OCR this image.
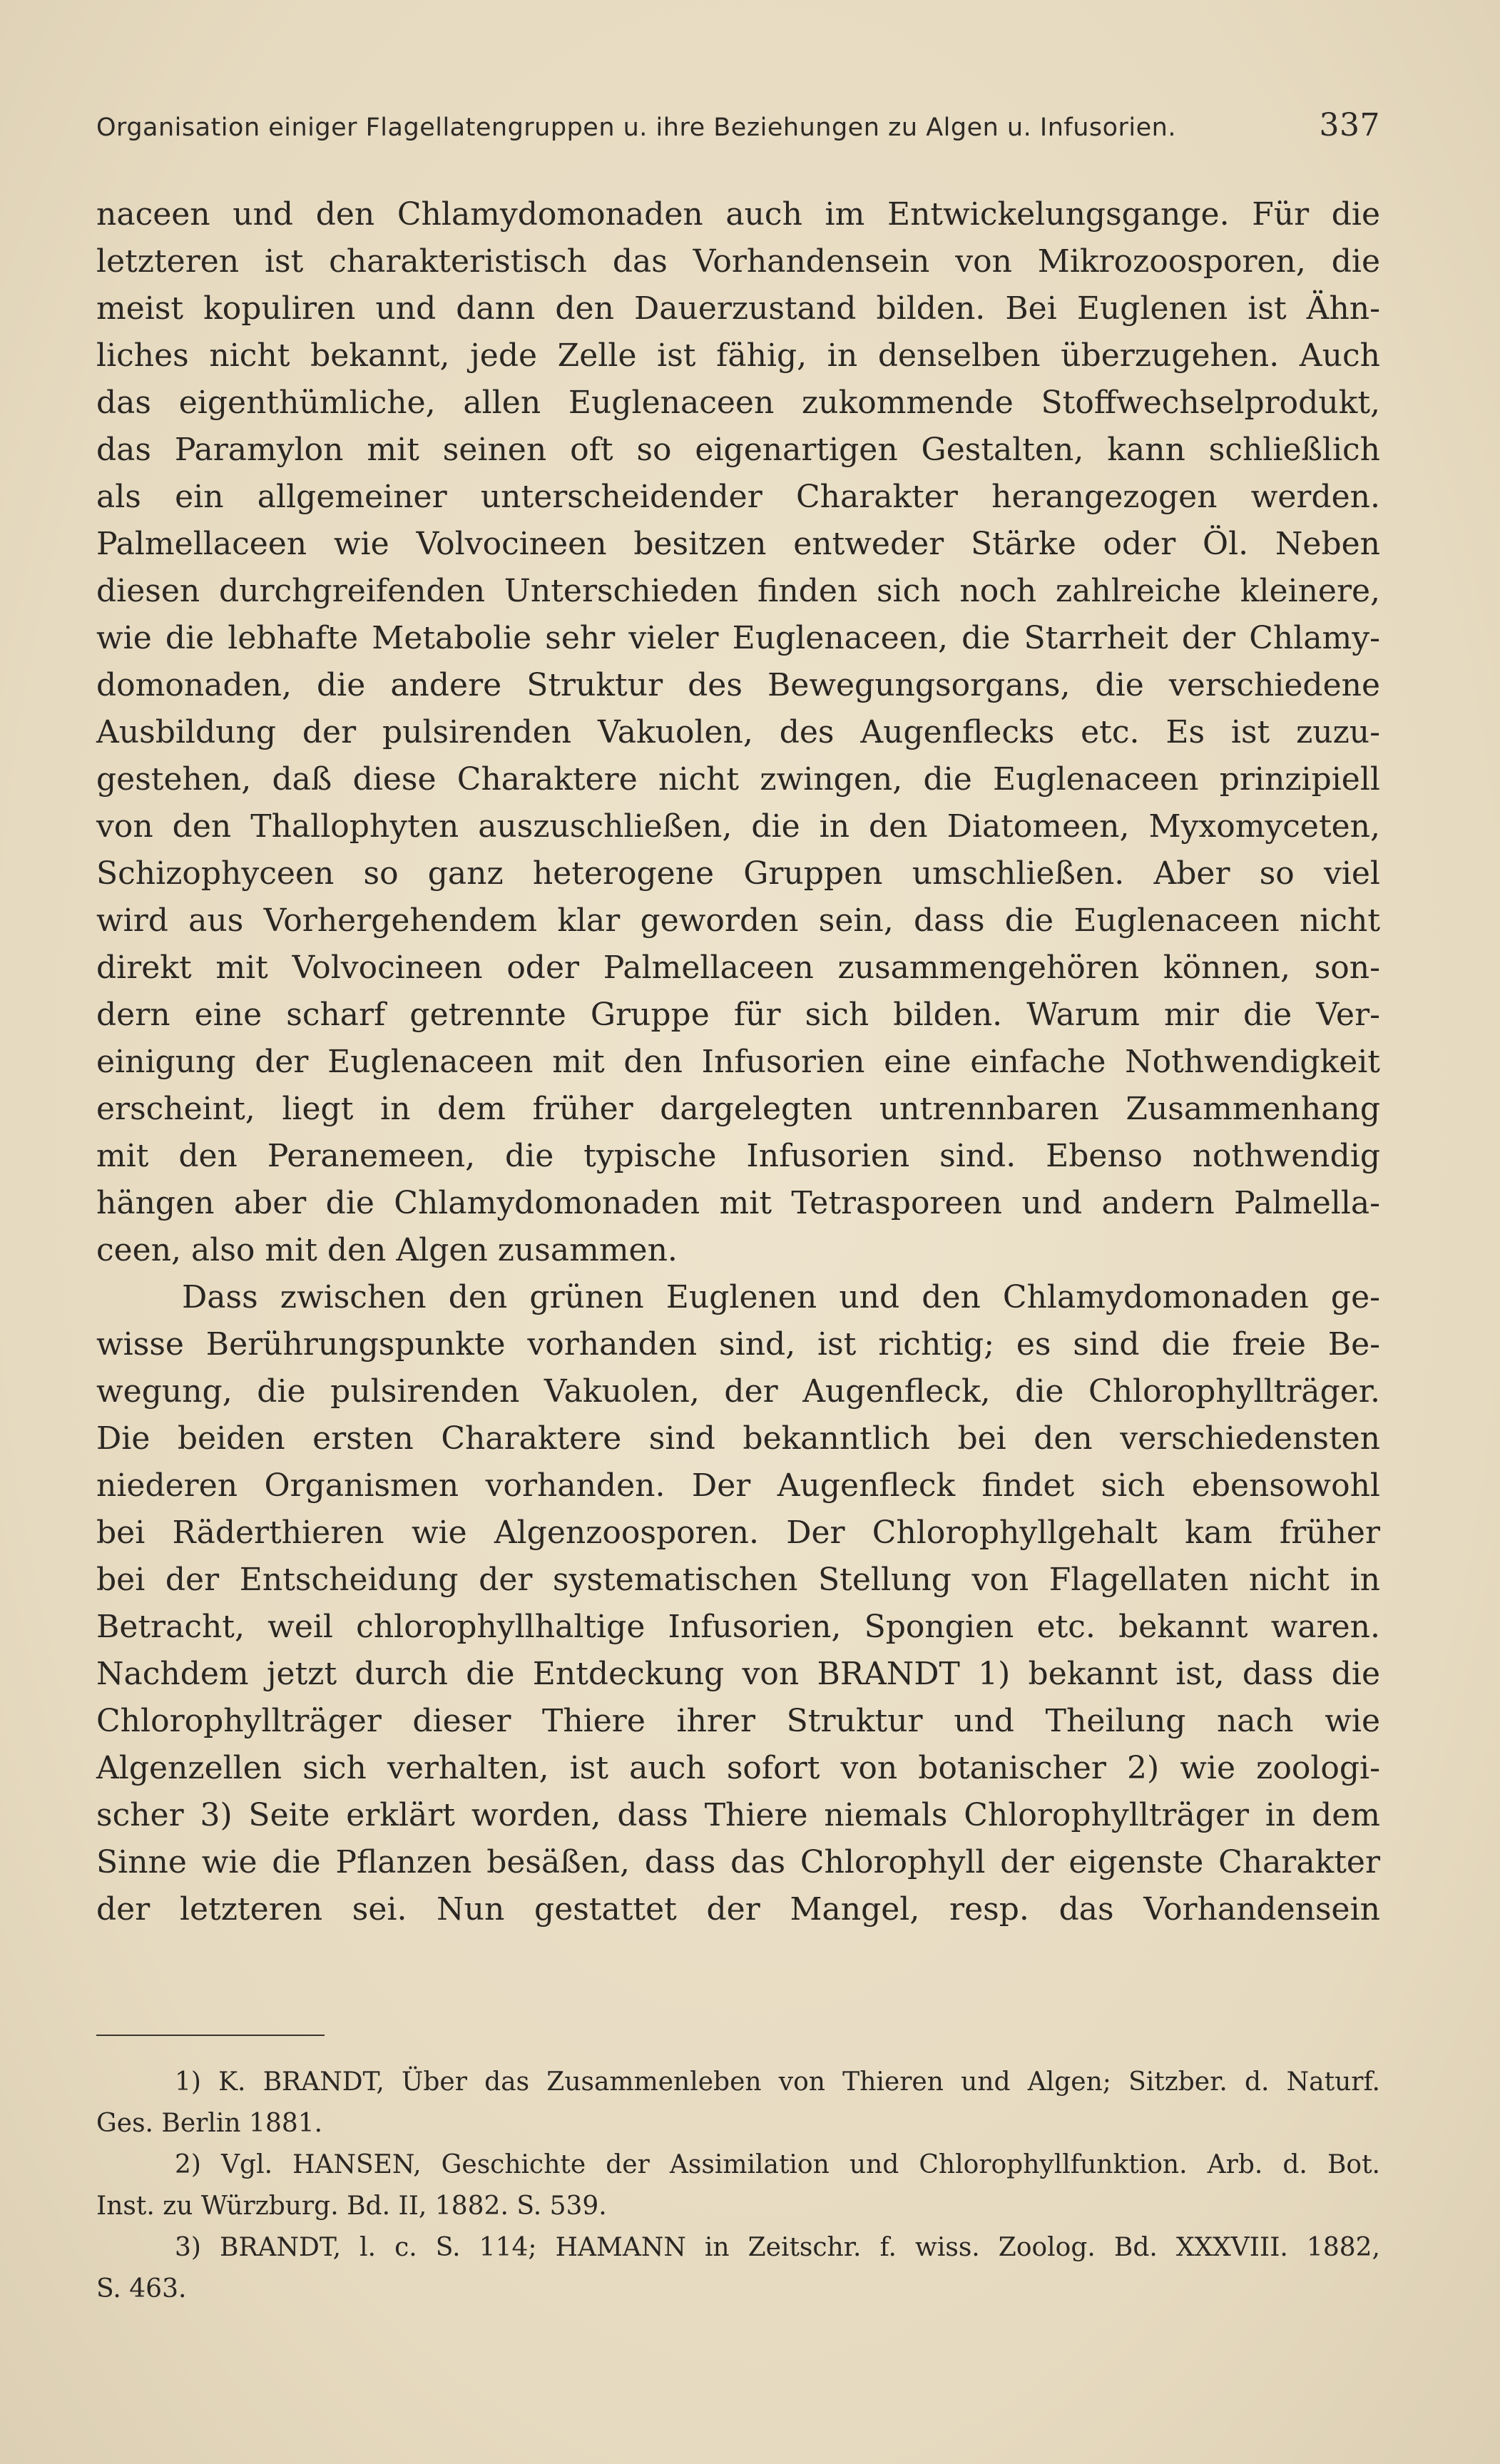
Organisation einiger Flagellatengruppen u. ihre Beziehungen zu Algen u. Infusorien.	337
naceen und den Chlamydomonaden auch im Entwickelungsgange. Für die
letzteren ist charakteristisch das Vorhandensein von Mikrozoosporen, die
meist kopuliren und dann den Dauerzustand bilden. Bei Euglenen ist Ähn-
liches nicht bekannt, jede Zelle ist fähig, in denselben überzugehen. Auch
das eigenthümliche, allen Euglenaceen zukommende Stoffwechselprodukt,
das Paramylon mit seinen oft so eigenartigen Gestalten, kann schließlich
als ein allgemeiner unterscheidender Charakter herangezogen werden.
Palmellaceen wie Volvocineen besitzen entweder Stärke oder Öl. Neben
diesen durchgreifenden Unterschieden finden sich noch zahlreiche kleinere,
wie die lebhafte Metabolie sehr vieler Euglenaceen, die Starrheit der Chlamy-
domonaden, die andere Struktur des Bewegungsorgans, die verschiedene
Ausbildung der pulsirenden Vakuolen, des Augenflecks etc. Es ist zuzu-
gestehen, daß diese Charaktere nicht zwingen, die Euglenaceen prinzipiell
von den Thallophyten auszuschließen, die in den Diatomeen, Myxomyceten,
Schizophyceen so ganz heterogene Gruppen umschließen. Aber so viel
wird aus Vorhergehendem klar geworden sein, dass die Euglenaceen nicht
direkt mit Volvocineen oder Palmellaceen zusammengehören können, son-
dern eine scharf getrennte Gruppe für sich bilden. Warum mir die Ver-
einigung der Euglenaceen mit den Infusorien eine einfache Nothwendigkeit
erscheint, liegt in dem früher dargelegten untrennbaren Zusammenhang
mit den Peranemeen, die typische Infusorien sind. Ebenso nothwendig
hängen aber die Chlamydomonaden mit Tetrasporeen und andern Palmella-
ceen, also mit den Algen zusammen.
Dass zwischen den grünen Euglenen und den Chlamydomonaden ge-
wisse Berührungspunkte vorhanden sind, ist richtig; es sind die freie Be-
wegung, die pulsirenden Vakuolen, der Augenfleck, die Chlorophyllträger.
Die beiden ersten Charaktere sind bekanntlich bei den verschiedensten
niederen Organismen vorhanden. Der Augenfleck findet sich ebensowohl
bei Räderthieren wie Algenzoosporen. Der Chlorophyllgehalt kam früher
bei der Entscheidung der systematischen Stellung von Flagellaten nicht in
Betracht, weil chlorophyllhaltige Infusorien, Spongien etc. bekannt waren.
Nachdem jetzt durch die Entdeckung von BRANDT 1) bekannt ist, dass die
Chlorophyllträger dieser Thiere ihrer Struktur und Theilung nach wie
Algenzellen sich verhalten, ist auch sofort von botanischer 2) wie zoologi-
scher 3) Seite erklärt worden, dass Thiere niemals Chlorophyllträger in dem
Sinne wie die Pflanzen besäßen, dass das Chlorophyll der eigenste Charakter
der letzteren sei. Nun gestattet der Mangel, resp. das Vorhandensein
1) K. BRANDT, Über das Zusammenleben von Thieren und Algen; Sitzber. d. Naturf.
Ges. Berlin 1881.
2) Vgl. HANSEN, Geschichte der Assimilation und Chlorophyllfunktion. Arb. d. Bot.
Inst. zu Würzburg. Bd. II, 1882. S. 539.
3) BRANDT, l. c. S. 114; HAMANN in Zeitschr. f. wiss. Zoolog. Bd. XXXVIII. 1882,
S. 463.
